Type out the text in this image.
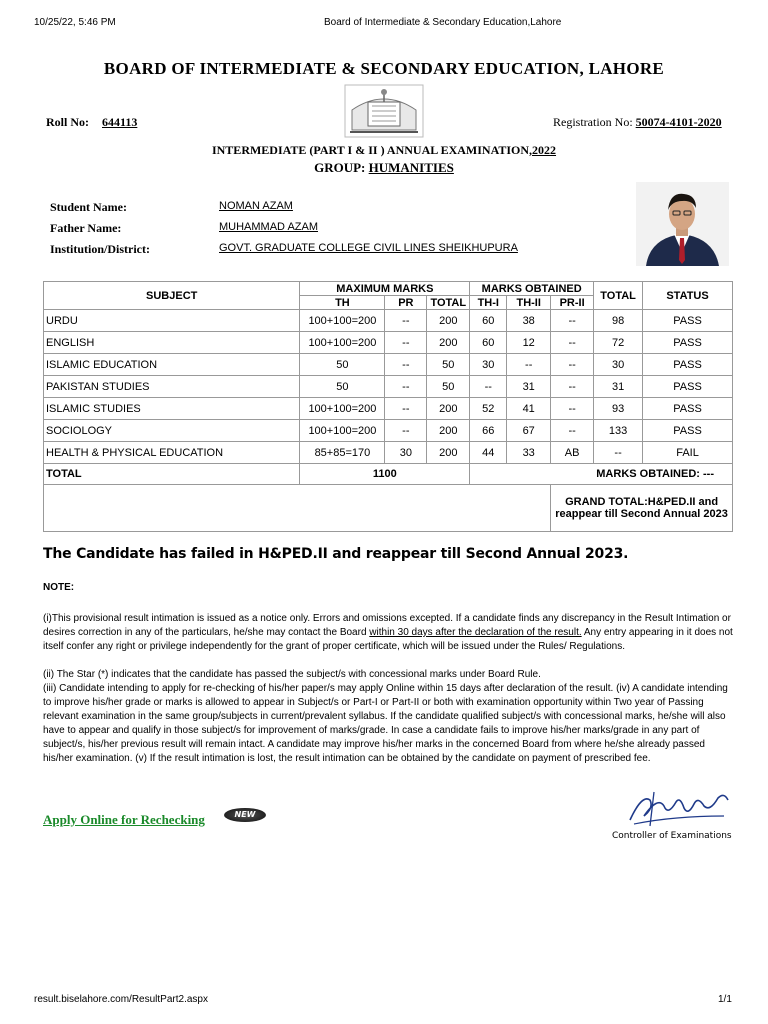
10/25/22, 5:46 PM	Board of Intermediate & Secondary Education,Lahore
BOARD OF INTERMEDIATE & SECONDARY EDUCATION, LAHORE
Roll No: 644113	Registration No: 50074-4101-2020
INTERMEDIATE (PART I & II ) ANNUAL EXAMINATION,2022
GROUP: HUMANITIES
Student Name:	NOMAN AZAM
Father Name:	MUHAMMAD AZAM
Institution/District:	GOVT. GRADUATE COLLEGE CIVIL LINES SHEIKHUPURA
SUBJECT	MAXIMUM MARKS			MARKS OBTAINED			TOTAL	STATUS
	TH	PR	TOTAL	TH-I	TH-II	PR-II		
URDU	100+100=200	--	200	60	38	--	98	PASS
ENGLISH	100+100=200	--	200	60	12	--	72	PASS
ISLAMIC EDUCATION	50	--	50	30	--	--	30	PASS
PAKISTAN STUDIES	50	--	50	--	31	--	31	PASS
ISLAMIC STUDIES	100+100=200	--	200	52	41	--	93	PASS
SOCIOLOGY	100+100=200	--	200	66	67	--	133	PASS
HEALTH & PHYSICAL EDUCATION	85+85=170	30	200	44	33	AB	--	FAIL
TOTAL	1100			MARKS OBTAINED: ---				
						GRAND TOTAL:H&PED.II and reappear till Second Annual 2023		
The Candidate has failed in H&PED.II and reappear till Second Annual 2023.
NOTE:
(i)This provisional result intimation is issued as a notice only. Errors and omissions excepted. If a candidate finds any discrepancy in the Result Intimation or desires correction in any of the particulars, he/she may contact the Board within 30 days after the declaration of the result. Any entry appearing in it does not itself confer any right or privilege independently for the grant of proper certificate, which will be issued under the Rules/ Regulations.
(ii) The Star (*) indicates that the candidate has passed the subject/s with concessional marks under Board Rule.
(iii) Candidate intending to apply for re-checking of his/her paper/s may apply Online within 15 days after declaration of the result. (iv) A candidate intending to improve his/her grade or marks is allowed to appear in Subject/s or Part-I or Part-II or both with examination opportunity within Two year of Passing relevant examination in the same group/subjects in current/prevalent syllabus. If the candidate qualified subject/s with concessional marks, he/she will also have to appear and qualify in those subject/s for improvement of marks/grade. In case a candidate fails to improve his/her marks/grade in any part of subject/s, his/her previous result will remain intact. A candidate may improve his/her marks in the concerned Board from where he/she already passed his/her examination. (v) If the result intimation is lost, the result intimation can be obtained by the candidate on payment of prescribed fee.
Apply Online for Rechecking	NEW
Controller of Examinations
result.biselahore.com/ResultPart2.aspx	1/1
